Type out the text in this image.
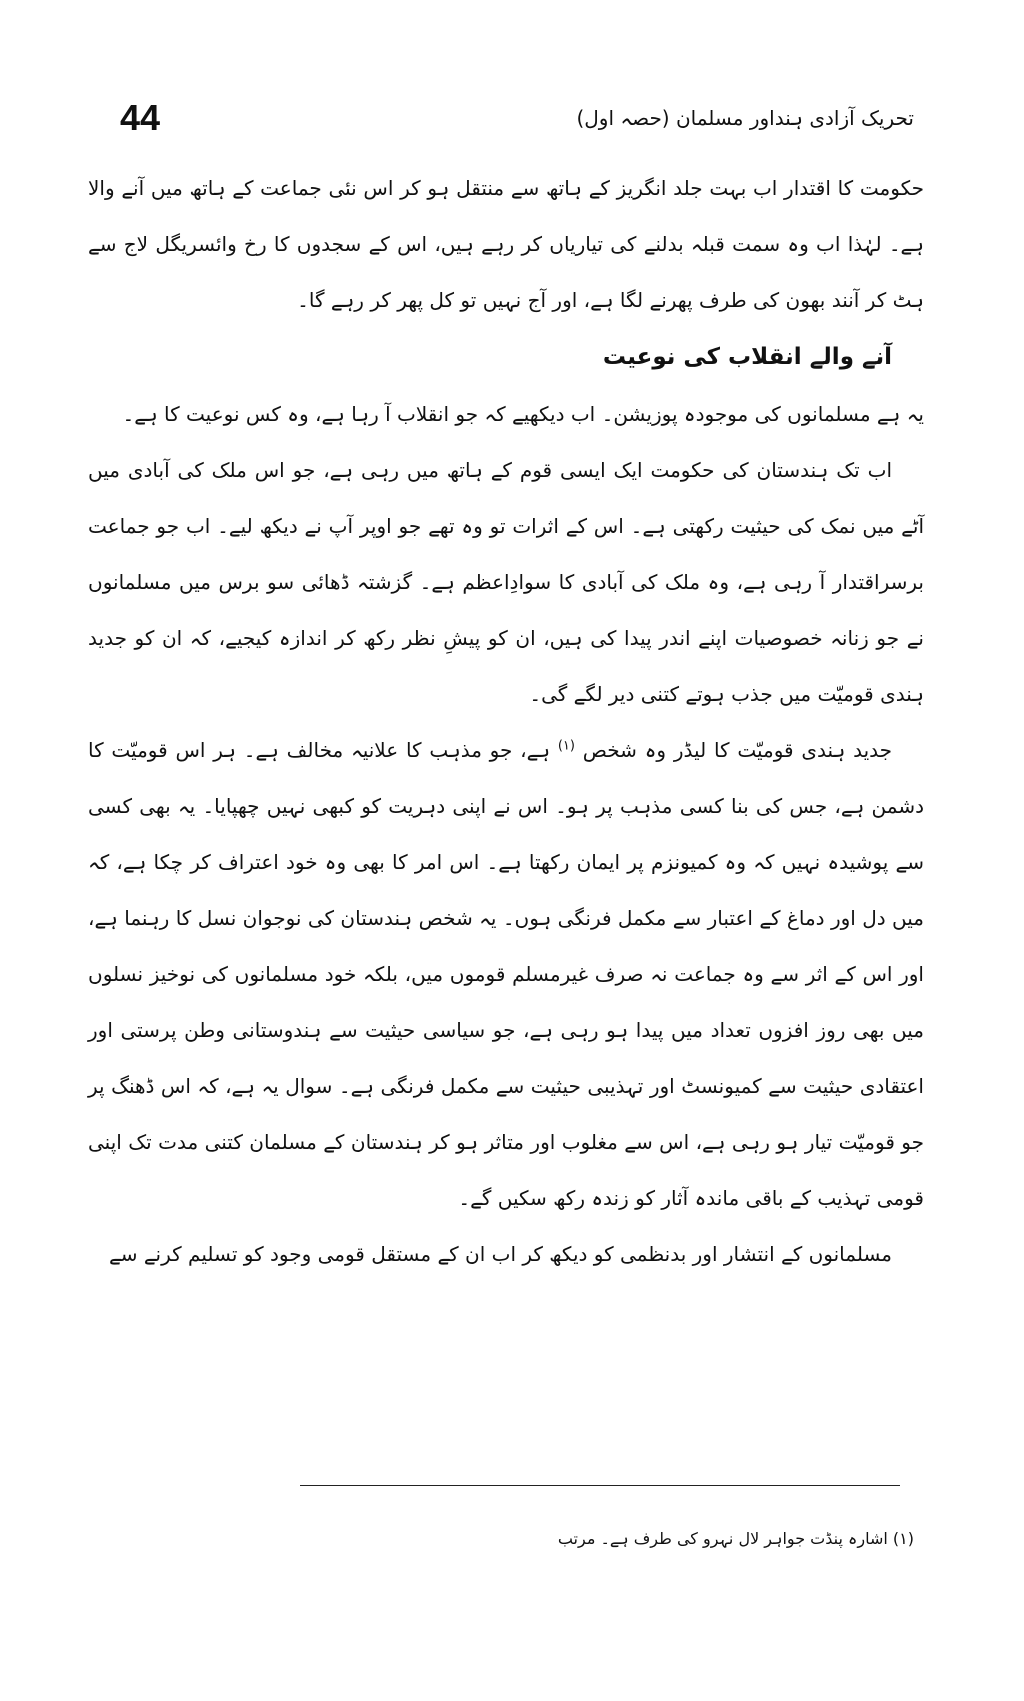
44	تحریک آزادی ہنداور مسلمان (حصہ اول)

حکومت کا اقتدار اب بہت جلد انگریز کے ہاتھ سے منتقل ہو کر اس نئی جماعت کے ہاتھ میں آنے والا ہے۔ لہٰذا اب وہ سمت قبلہ بدلنے کی تیاریاں کر رہے ہیں، اس کے سجدوں کا رخ وائسریگل لاج سے ہٹ کر آنند بھون کی طرف پھرنے لگا ہے، اور آج نہیں تو کل پھر کر رہے گا۔

آنے والے انقلاب کی نوعیت

یہ ہے مسلمانوں کی موجودہ پوزیشن۔ اب دیکھیے کہ جو انقلاب آ رہا ہے، وہ کس نوعیت کا ہے۔

اب تک ہندستان کی حکومت ایک ایسی قوم کے ہاتھ میں رہی ہے، جو اس ملک کی آبادی میں آٹے میں نمک کی حیثیت رکھتی ہے۔ اس کے اثرات تو وہ تھے جو اوپر آپ نے دیکھ لیے۔ اب جو جماعت برسراقتدار آ رہی ہے، وہ ملک کی آبادی کا سوادِاعظم ہے۔ گزشتہ ڈھائی سو برس میں مسلمانوں نے جو زنانہ خصوصیات اپنے اندر پیدا کی ہیں، ان کو پیشِ نظر رکھ کر اندازہ کیجیے، کہ ان کو جدید ہندی قومیّت میں جذب ہوتے کتنی دیر لگے گی۔

جدید ہندی قومیّت کا لیڈر وہ شخص $^{(۱)}$ ہے، جو مذہب کا علانیہ مخالف ہے۔ ہر اس قومیّت کا دشمن ہے، جس کی بنا کسی مذہب پر ہو۔ اس نے اپنی دہریت کو کبھی نہیں چھپایا۔ یہ بھی کسی سے پوشیدہ نہیں کہ وہ کمیونزم پر ایمان رکھتا ہے۔ اس امر کا بھی وہ خود اعتراف کر چکا ہے، کہ میں دل اور دماغ کے اعتبار سے مکمل فرنگی ہوں۔ یہ شخص ہندستان کی نوجوان نسل کا رہنما ہے، اور اس کے اثر سے وہ جماعت نہ صرف غیرمسلم قوموں میں، بلکہ خود مسلمانوں کی نوخیز نسلوں میں بھی روز افزوں تعداد میں پیدا ہو رہی ہے، جو سیاسی حیثیت سے ہندوستانی وطن پرستی اور اعتقادی حیثیت سے کمیونسٹ اور تہذیبی حیثیت سے مکمل فرنگی ہے۔ سوال یہ ہے، کہ اس ڈھنگ پر جو قومیّت تیار ہو رہی ہے، اس سے مغلوب اور متاثر ہو کر ہندستان کے مسلمان کتنی مدت تک اپنی قومی تہذیب کے باقی ماندہ آثار کو زندہ رکھ سکیں گے۔

مسلمانوں کے انتشار اور بدنظمی کو دیکھ کر اب ان کے مستقل قومی وجود کو تسلیم کرنے سے

(۱) اشارہ پنڈت جواہر لال نہرو کی طرف ہے۔ مرتب
